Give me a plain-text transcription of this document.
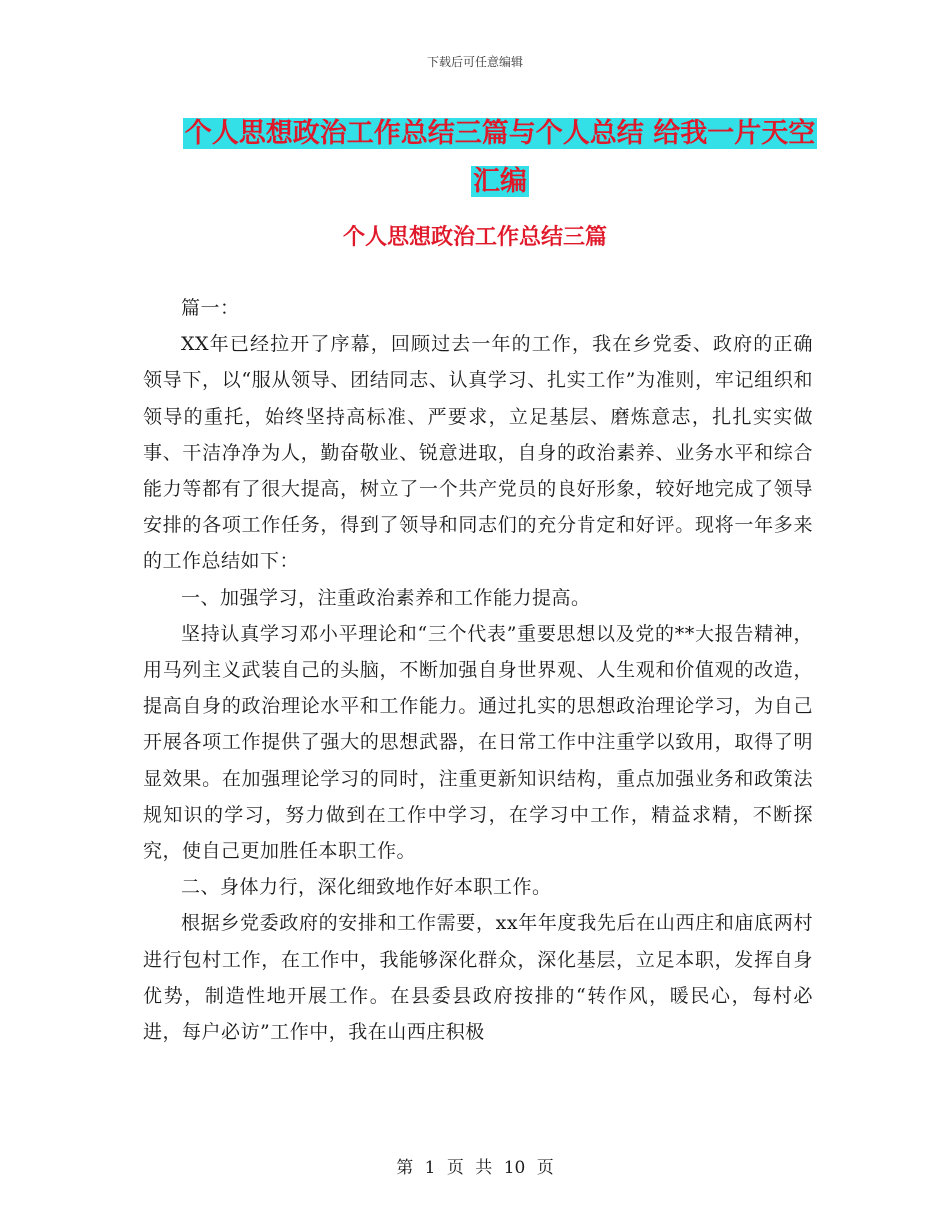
下载后可任意编辑
个人思想政治工作总结三篇与个人总结 给我一片天空
汇编
个人思想政治工作总结三篇

篇一：

XX年已经拉开了序幕，回顾过去一年的工作，我在乡党委、政府的正确领导下，以“服从领导、团结同志、认真学习、扎实工作”为准则，牢记组织和领导的重托，始终坚持高标准、严要求，立足基层、磨炼意志，扎扎实实做事、干洁净净为人，勤奋敬业、锐意进取，自身的政治素养、业务水平和综合能力等都有了很大提高，树立了一个共产党员的良好形象，较好地完成了领导安排的各项工作任务，得到了领导和同志们的充分肯定和好评。现将一年多来的工作总结如下：

一、加强学习，注重政治素养和工作能力提高。

坚持认真学习邓小平理论和“三个代表”重要思想以及党的**大报告精神，用马列主义武装自己的头脑，不断加强自身世界观、人生观和价值观的改造，提高自身的政治理论水平和工作能力。通过扎实的思想政治理论学习，为自己开展各项工作提供了强大的思想武器，在日常工作中注重学以致用，取得了明显效果。在加强理论学习的同时，注重更新知识结构，重点加强业务和政策法规知识的学习，努力做到在工作中学习，在学习中工作，精益求精，不断探究，使自己更加胜任本职工作。

二、身体力行，深化细致地作好本职工作。

根据乡党委政府的安排和工作需要，xx年年度我先后在山西庄和庙底两村进行包村工作，在工作中，我能够深化群众，深化基层，立足本职，发挥自身优势，制造性地开展工作。在县委县政府按排的“转作风，暖民心，每村必进，每户必访”工作中，我在山西庄积极

第 1 页 共 10 页
